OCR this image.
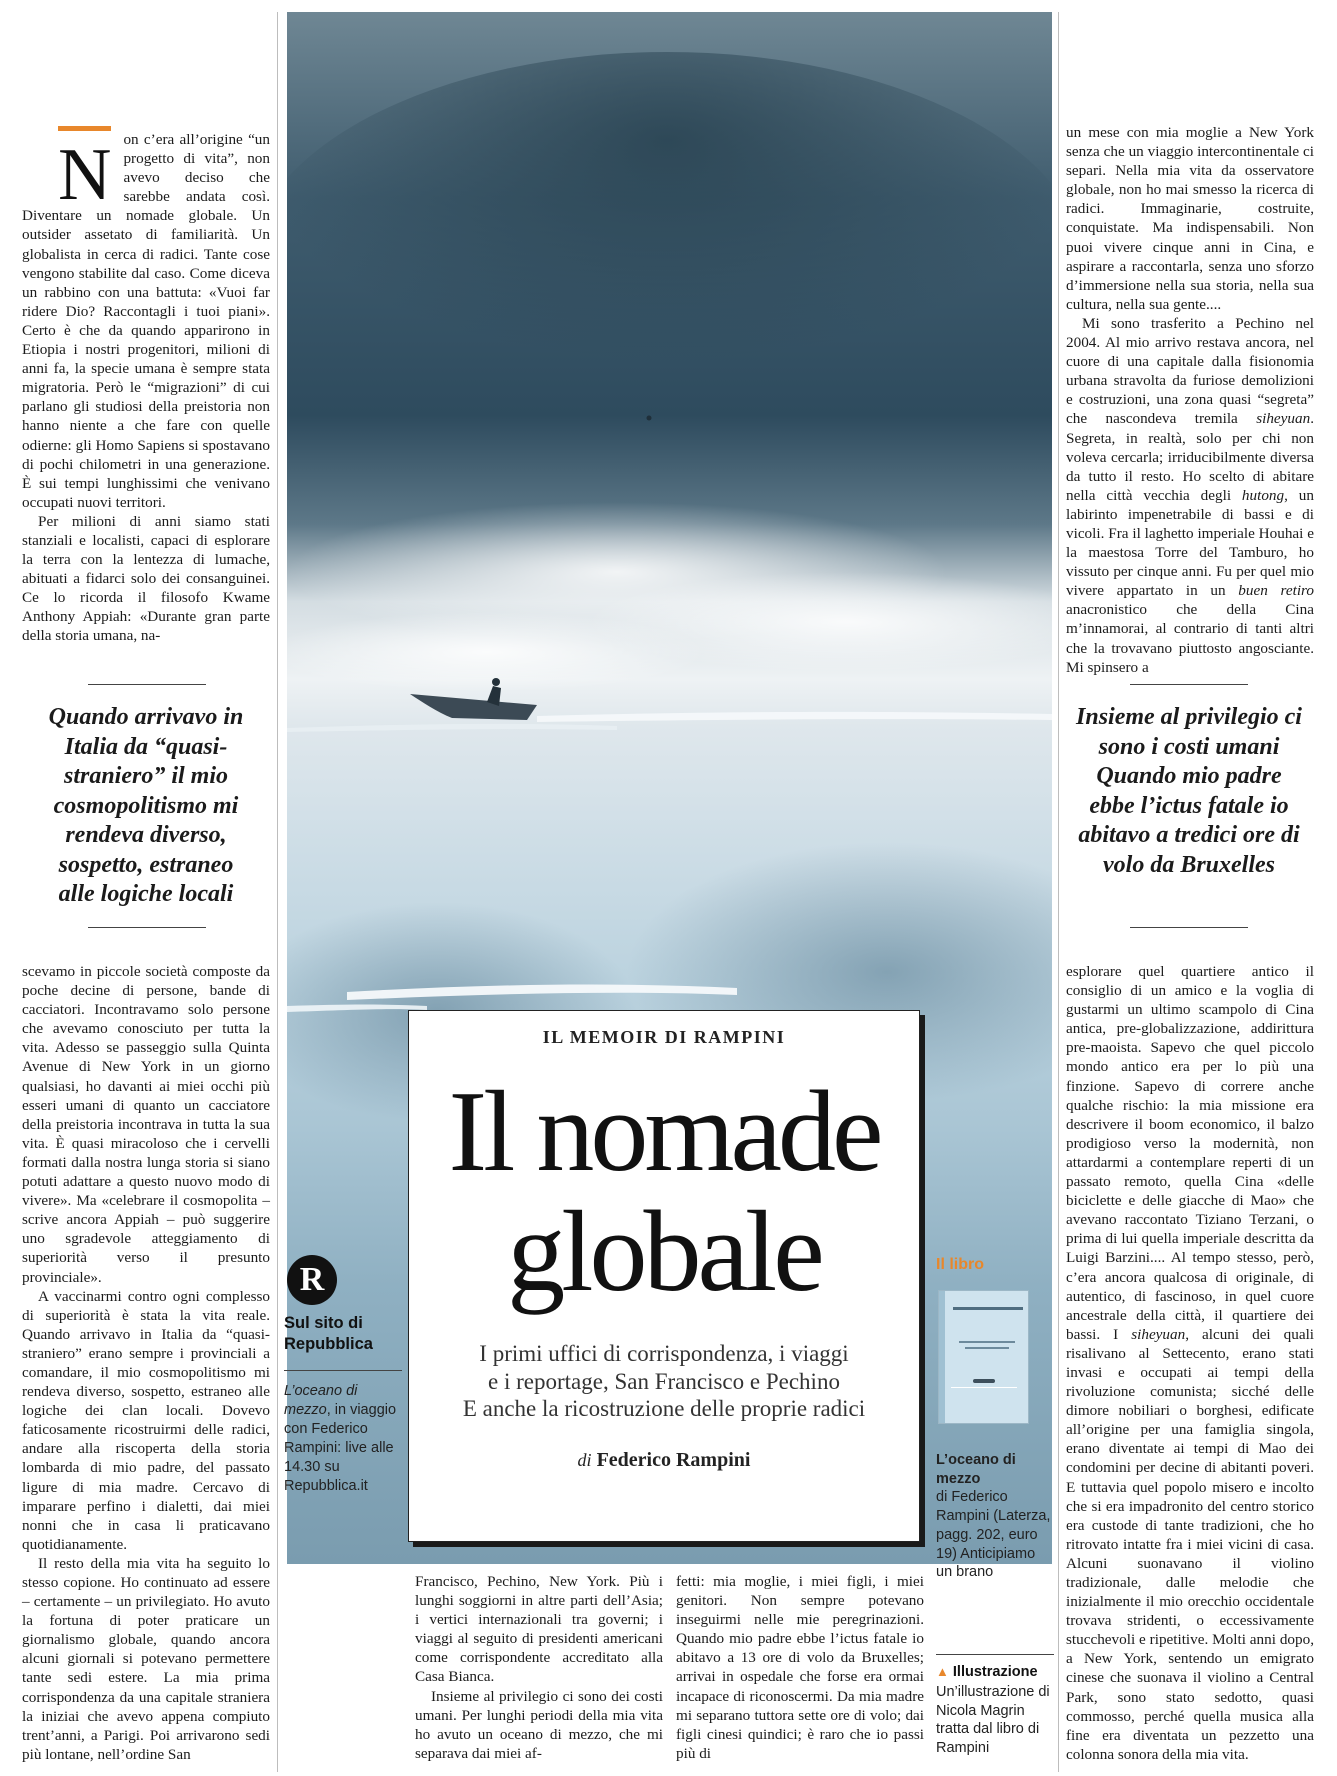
N on c’era all’origine “un progetto di vita”, non avevo deciso che sarebbe andata così. Diventare un nomade globale. Un outsider assetato di familiarità. Un globalista in cerca di radici. Tante cose vengono stabilite dal caso. Come diceva un rabbino con una battuta: «Vuoi far ridere Dio? Raccontagli i tuoi piani». Certo è che da quando apparirono in Etiopia i nostri progenitori, milioni di anni fa, la specie umana è sempre stata migratoria. Però le “migrazioni” di cui parlano gli studiosi della preistoria non hanno niente a che fare con quelle odierne: gli Homo Sapiens si spostavano di pochi chilometri in una generazione. È sui tempi lunghissimi che venivano occupati nuovi territori.

Per milioni di anni siamo stati stanziali e localisti, capaci di esplorare la terra con la lentezza di lumache, abituati a fidarci solo dei consanguinei. Ce lo ricorda il filosofo Kwame Anthony Appiah: «Durante gran parte della storia umana, na-

Quando arrivavo in Italia da “quasi-straniero” il mio cosmopolitismo mi rendeva diverso, sospetto, estraneo alle logiche locali

scevamo in piccole società composte da poche decine di persone, bande di cacciatori. Incontravamo solo persone che avevamo conosciuto per tutta la vita. Adesso se passeggio sulla Quinta Avenue di New York in un giorno qualsiasi, ho davanti ai miei occhi più esseri umani di quanto un cacciatore della preistoria incontrava in tutta la sua vita. È quasi miracoloso che i cervelli formati dalla nostra lunga storia si siano potuti adattare a questo nuovo modo di vivere». Ma «celebrare il cosmopolita – scrive ancora Appiah – può suggerire uno sgradevole atteggiamento di superiorità verso il presunto provinciale».

A vaccinarmi contro ogni complesso di superiorità è stata la vita reale. Quando arrivavo in Italia da “quasi-straniero” erano sempre i provinciali a comandare, il mio cosmopolitismo mi rendeva diverso, sospetto, estraneo alle logiche dei clan locali. Dovevo faticosamente ricostruirmi delle radici, andare alla riscoperta della storia lombarda di mio padre, del passato ligure di mia madre. Cercavo di imparare perfino i dialetti, dai miei nonni che in casa li praticavano quotidianamente.

Il resto della mia vita ha seguito lo stesso copione. Ho continuato ad essere – certamente – un privilegiato. Ho avuto la fortuna di poter praticare un giornalismo globale, quando ancora alcuni giornali si potevano permettere tante sedi estere. La mia prima corrispondenza da una capitale straniera la iniziai che avevo appena compiuto trent’anni, a Parigi. Poi arrivarono sedi più lontane, nell’ordine San

IL MEMOIR DI RAMPINI
Il nomade
globale
I primi uffici di corrispondenza, i viaggi
e i reportage, San Francisco e Pechino
E anche la ricostruzione delle proprie radici
di Federico Rampini

Francisco, Pechino, New York. Più i lunghi soggiorni in altre parti dell’Asia; i vertici internazionali tra governi; i viaggi al seguito di presidenti americani come corrispondente accreditato alla Casa Bianca.

Insieme al privilegio ci sono dei costi umani. Per lunghi periodi della mia vita ho avuto un oceano di mezzo, che mi separava dai miei af-

fetti: mia moglie, i miei figli, i miei genitori. Non sempre potevano inseguirmi nelle mie peregrinazioni. Quando mio padre ebbe l’ictus fatale io abitavo a 13 ore di volo da Bruxelles; arrivai in ospedale che forse era ormai incapace di riconoscermi. Da mia madre mi separano tuttora sette ore di volo; dai figli cinesi quindici; è raro che io passi più di

R
Sul sito di Repubblica
L’oceano di mezzo, in viaggio con Federico Rampini: live alle 14.30 su Repubblica.it
Il libro
L’oceano di mezzo
di Federico Rampini (Laterza, pagg. 202, euro 19) Anticipiamo un brano
▲ Illustrazione
Un’illustrazione di Nicola Magrin tratta dal libro di Rampini

un mese con mia moglie a New York senza che un viaggio intercontinentale ci separi. Nella mia vita da osservatore globale, non ho mai smesso la ricerca di radici. Immaginarie, costruite, conquistate. Ma indispensabili. Non puoi vivere cinque anni in Cina, e aspirare a raccontarla, senza uno sforzo d’immersione nella sua storia, nella sua cultura, nella sua gente....

Mi sono trasferito a Pechino nel 2004. Al mio arrivo restava ancora, nel cuore di una capitale dalla fisionomia urbana stravolta da furiose demolizioni e costruzioni, una zona quasi “segreta” che nascondeva tremila siheyuan. Segreta, in realtà, solo per chi non voleva cercarla; irriducibilmente diversa da tutto il resto. Ho scelto di abitare nella città vecchia degli hutong, un labirinto impenetrabile di bassi e di vicoli. Fra il laghetto imperiale Houhai e la maestosa Torre del Tamburo, ho vissuto per cinque anni. Fu per quel mio vivere appartato in un buen retiro anacronistico che della Cina m’innamorai, al contrario di tanti altri che la trovavano piuttosto angosciante. Mi spinsero a

Insieme al privilegio ci sono i costi umani Quando mio padre ebbe l’ictus fatale io abitavo a tredici ore di volo da Bruxelles

esplorare quel quartiere antico il consiglio di un amico e la voglia di gustarmi un ultimo scampolo di Cina antica, pre-globalizzazione, addirittura pre-maoista. Sapevo che quel piccolo mondo antico era per lo più una finzione. Sapevo di correre anche qualche rischio: la mia missione era descrivere il boom economico, il balzo prodigioso verso la modernità, non attardarmi a contemplare reperti di un passato remoto, quella Cina «delle biciclette e delle giacche di Mao» che avevano raccontato Tiziano Terzani, o prima di lui quella imperiale descritta da Luigi Barzini.... Al tempo stesso, però, c’era ancora qualcosa di originale, di autentico, di fascinoso, in quel cuore ancestrale della città, il quartiere dei bassi. I siheyuan, alcuni dei quali risalivano al Settecento, erano stati invasi e occupati ai tempi della rivoluzione comunista; sicché delle dimore nobiliari o borghesi, edificate all’origine per una famiglia singola, erano diventate ai tempi di Mao dei condomini per decine di abitanti poveri. E tuttavia quel popolo misero e incolto che si era impadronito del centro storico era custode di tante tradizioni, che ho ritrovato intatte fra i miei vicini di casa. Alcuni suonavano il violino tradizionale, dalle melodie che inizialmente il mio orecchio occidentale trovava stridenti, o eccessivamente stucchevoli e ripetitive. Molti anni dopo, a New York, sentendo un emigrato cinese che suonava il violino a Central Park, sono stato sedotto, quasi commosso, perché quella musica alla fine era diventata un pezzetto una colonna sonora della mia vita.
